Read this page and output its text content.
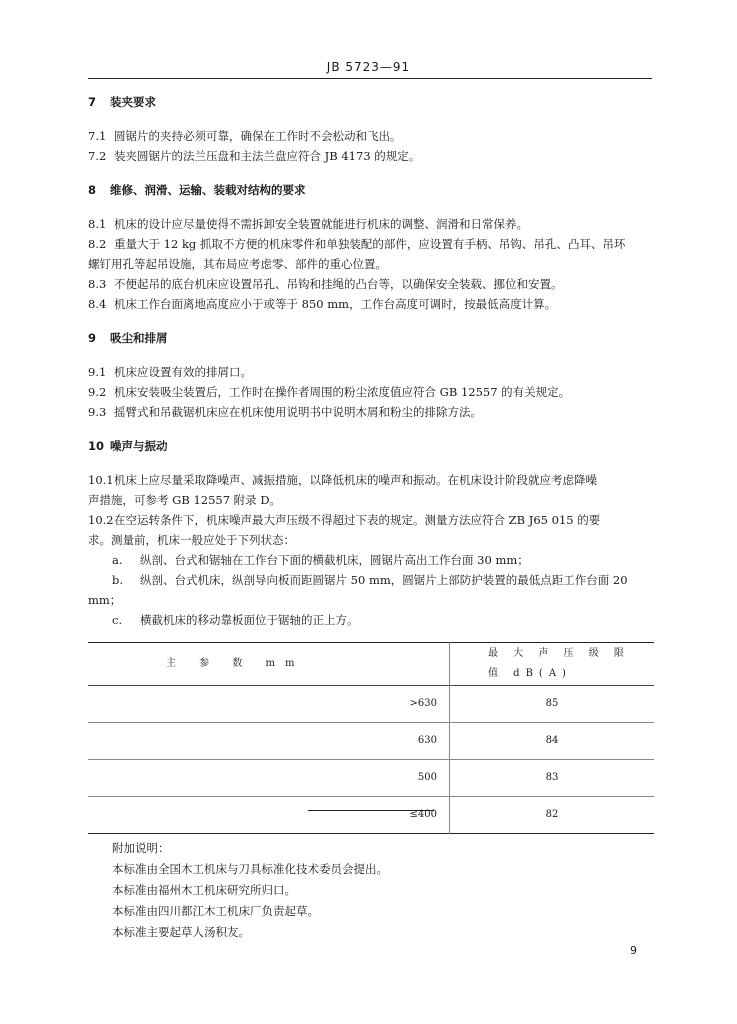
JB 5723—91

7 装夹要求

7.1 圆锯片的夹持必须可靠，确保在工作时不会松动和飞出。

7.2 装夹圆锯片的法兰压盘和主法兰盘应符合 JB 4173 的规定。

8 维修、润滑、运输、装载对结构的要求

8.1 机床的设计应尽量使得不需拆卸安全装置就能进行机床的调整、润滑和日常保养。

8.2 重量大于 12 kg 抓取不方便的机床零件和单独装配的部件，应设置有手柄、吊钩、吊孔、凸耳、吊环

螺钉用孔等起吊设施，其布局应考虑零、部件的重心位置。

8.3 不便起吊的底台机床应设置吊孔、吊钩和挂绳的凸台等，以确保安全装载、挪位和安置。

8.4 机床工作台面离地高度应小于或等于 850 mm，工作台高度可调时，按最低高度计算。

9 吸尘和排屑

9.1 机床应设置有效的排屑口。

9.2 机床安装吸尘装置后，工作时在操作者周围的粉尘浓度值应符合 GB 12557 的有关规定。

9.3 摇臂式和吊截锯机床应在机床使用说明书中说明木屑和粉尘的排除方法。

10 噪声与振动

10.1机床上应尽量采取降噪声、减振措施，以降低机床的噪声和振动。在机床设计阶段就应考虑降噪

声措施，可参考 GB 12557 附录 D。

10.2在空运转条件下，机床噪声最大声压级不得超过下表的规定。测量方法应符合 ZB J65 015 的要

求。测量前，机床一般应处于下列状态：

a. 纵剖、台式和锯轴在工作台下面的横截机床，圆锯片高出工作台面 30 mm；

b. 纵剖、台式机床，纵剖导向板而距圆锯片 50 mm，圆锯片上部防护装置的最低点距工作台面 20

mm；

c. 横截机床的移动靠板面位于锯轴的正上方。

主 参 数 mm	最 大 声 压 级 限 值 dB(A)
>630	85
630	84
500	83
≤400	82

附加说明：

本标准由全国木工机床与刀具标准化技术委员会提出。

本标准由福州木工机床研究所归口。

本标准由四川都江木工机床厂负责起草。

本标准主要起草人汤积友。

9
